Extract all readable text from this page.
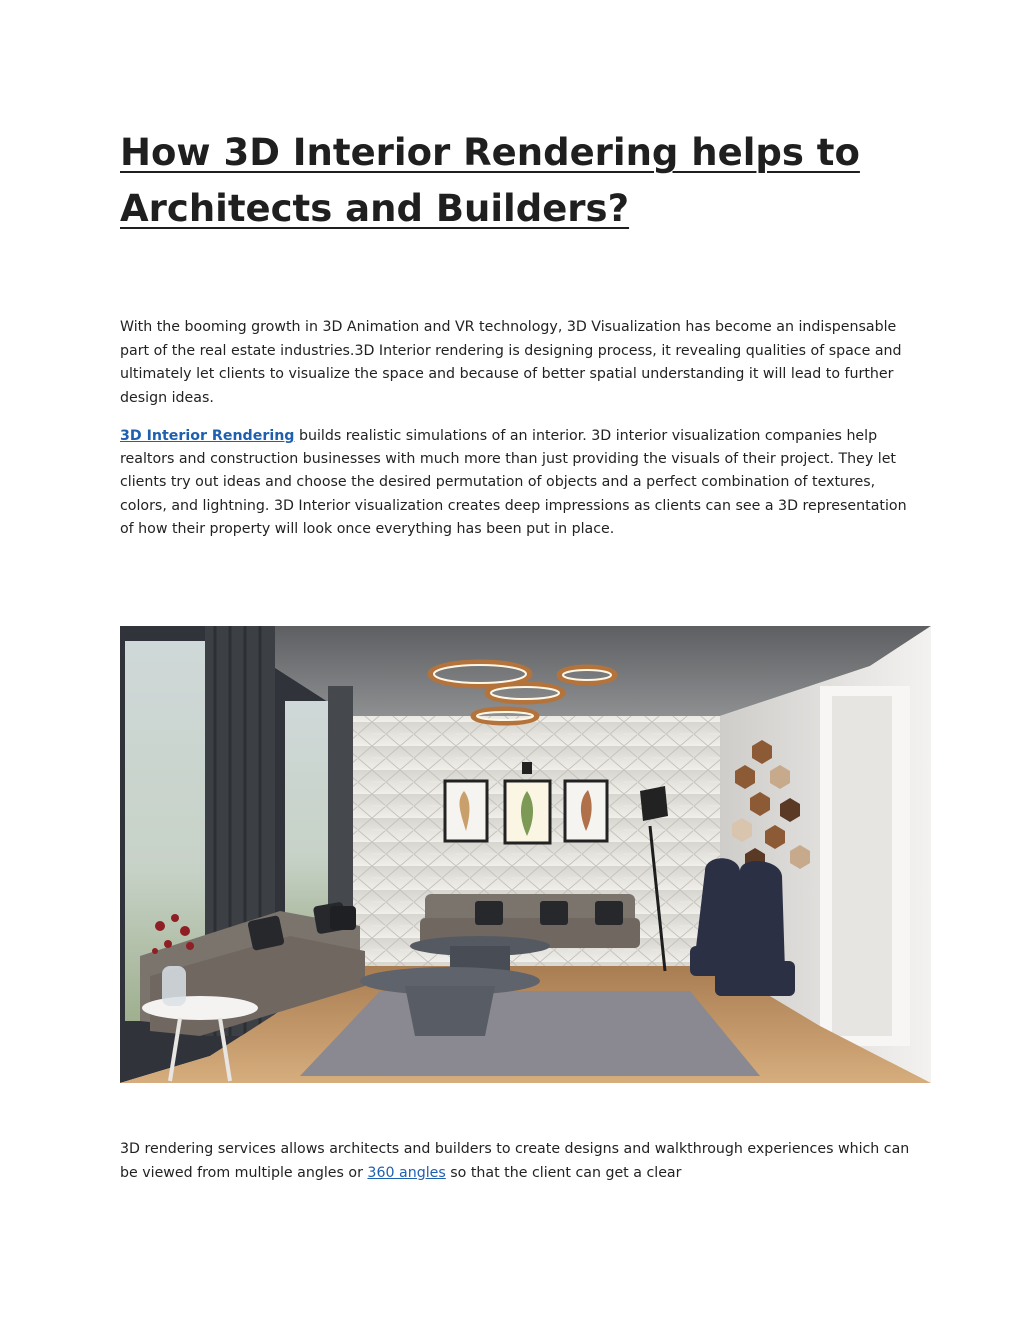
How 3D Interior Rendering helps to
Architects and Builders?

With the booming growth in 3D Animation and VR technology, 3D Visualization has become an indispensable part of the real estate industries.3D Interior rendering is designing process, it revealing qualities of space and ultimately let clients to visualize the space and because of better spatial understanding it will lead to further design ideas.

3D Interior Rendering builds realistic simulations of an interior. 3D interior visualization companies help realtors and construction businesses with much more than just providing the visuals of their project. They let clients try out ideas and choose the desired permutation of objects and a perfect combination of textures, colors, and lightning. 3D Interior visualization creates deep impressions as clients can see a 3D representation of how their property will look once everything has been put in place.

3D rendering services allows architects and builders to create designs and walkthrough experiences which can be viewed from multiple angles or 360 angles so that the client can get a clear
